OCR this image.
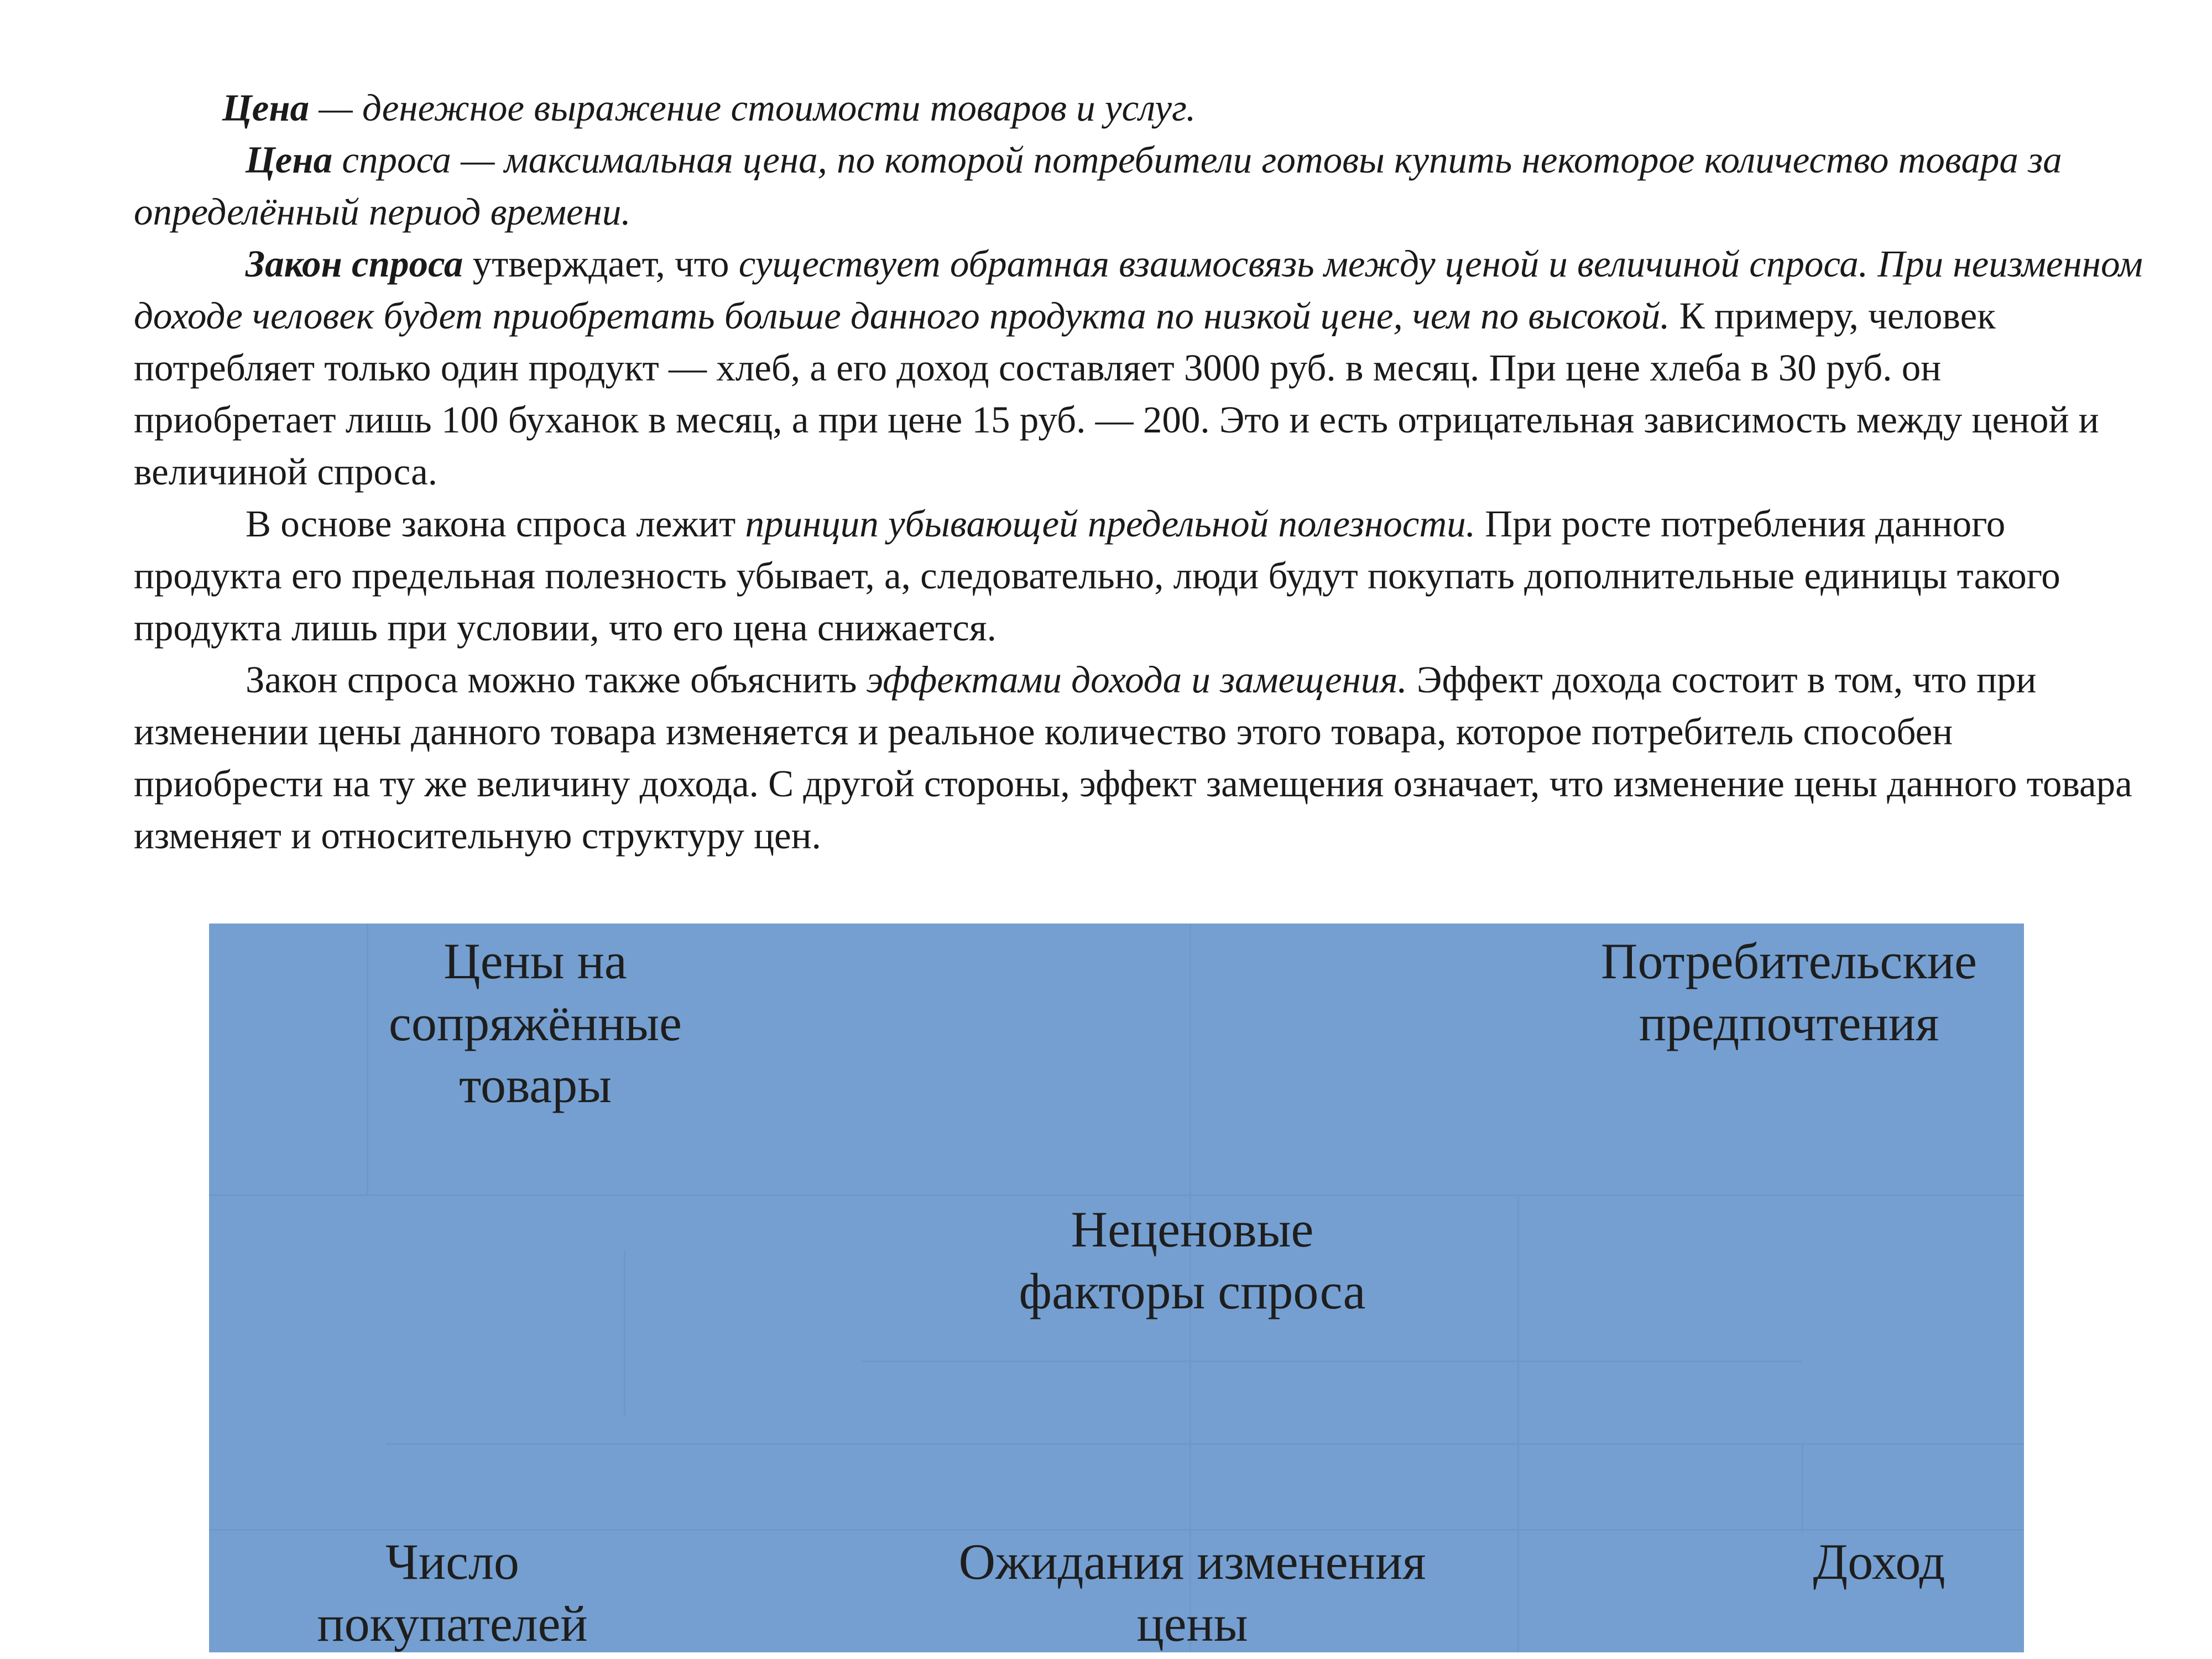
Цена — денежное выражение стоимости товаров и услуг.

Цена спроса — максимальная цена, по которой потребители готовы купить некоторое количество товара за определённый период времени.

Закон спроса утверждает, что существует обратная взаимосвязь между ценой и величиной спроса. При неизменном доходе человек будет приобретать больше данного продукта по низкой цене, чем по высокой. К примеру, человек потребляет только один продукт — хлеб, а его доход составляет 3000 руб. в месяц. При цене хлеба в 30 руб. он приобретает лишь 100 буханок в месяц, а при цене 15 руб. — 200. Это и есть отрицательная зависимость между ценой и величиной спроса.

В основе закона спроса лежит принцип убывающей предельной полезности. При росте потребления данного продукта его предельная полезность убывает, а, следовательно, люди будут покупать дополнительные единицы такого продукта лишь при условии, что его цена снижается.

Закон спроса можно также объяснить эффектами дохода и замещения. Эффект дохода состоит в том, что при изменении цены данного товара изменяется и реальное количество этого товара, которое потребитель способен приобрести на ту же величину дохода. С другой стороны, эффект замещения означает, что изменение цены данного товара изменяет и относительную структуру цен.

Цены на сопряжённые товары
Потребительские предпочтения
Неценовые факторы спроса
Число покупателей
Ожидания изменения цены
Доход
